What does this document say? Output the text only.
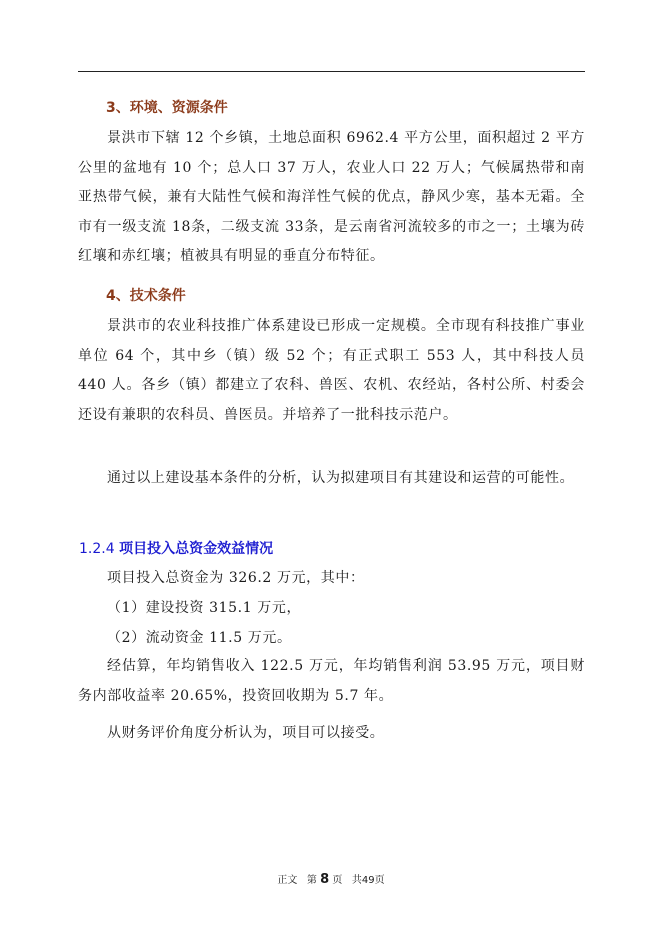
3、环境、资源条件

景洪市下辖 12 个乡镇，土地总面积 6962.4 平方公里，面积超过 2 平方公里的盆地有 10 个；总人口 37 万人，农业人口 22 万人；气候属热带和南亚热带气候，兼有大陆性气候和海洋性气候的优点，静风少寒，基本无霜。全市有一级支流 18条，二级支流 33条，是云南省河流较多的市之一；土壤为砖红壤和赤红壤；植被具有明显的垂直分布特征。

4、技术条件

景洪市的农业科技推广体系建设已形成一定规模。全市现有科技推广事业单位 64 个，其中乡（镇）级 52 个；有正式职工 553 人，其中科技人员 440 人。各乡（镇）都建立了农科、兽医、农机、农经站，各村公所、村委会还设有兼职的农科员、兽医员。并培养了一批科技示范户。

通过以上建设基本条件的分析，认为拟建项目有其建设和运营的可能性。

1.2.4 项目投入总资金效益情况
项目投入总资金为 326.2 万元，其中：
（1）建设投资 315.1 万元，
（2）流动资金 11.5 万元。

经估算，年均销售收入 122.5 万元，年均销售利润 53.95 万元，项目财务内部收益率 20.65%，投资回收期为 5.7 年。

从财务评价角度分析认为，项目可以接受。
正文 第 8 页 共49页
